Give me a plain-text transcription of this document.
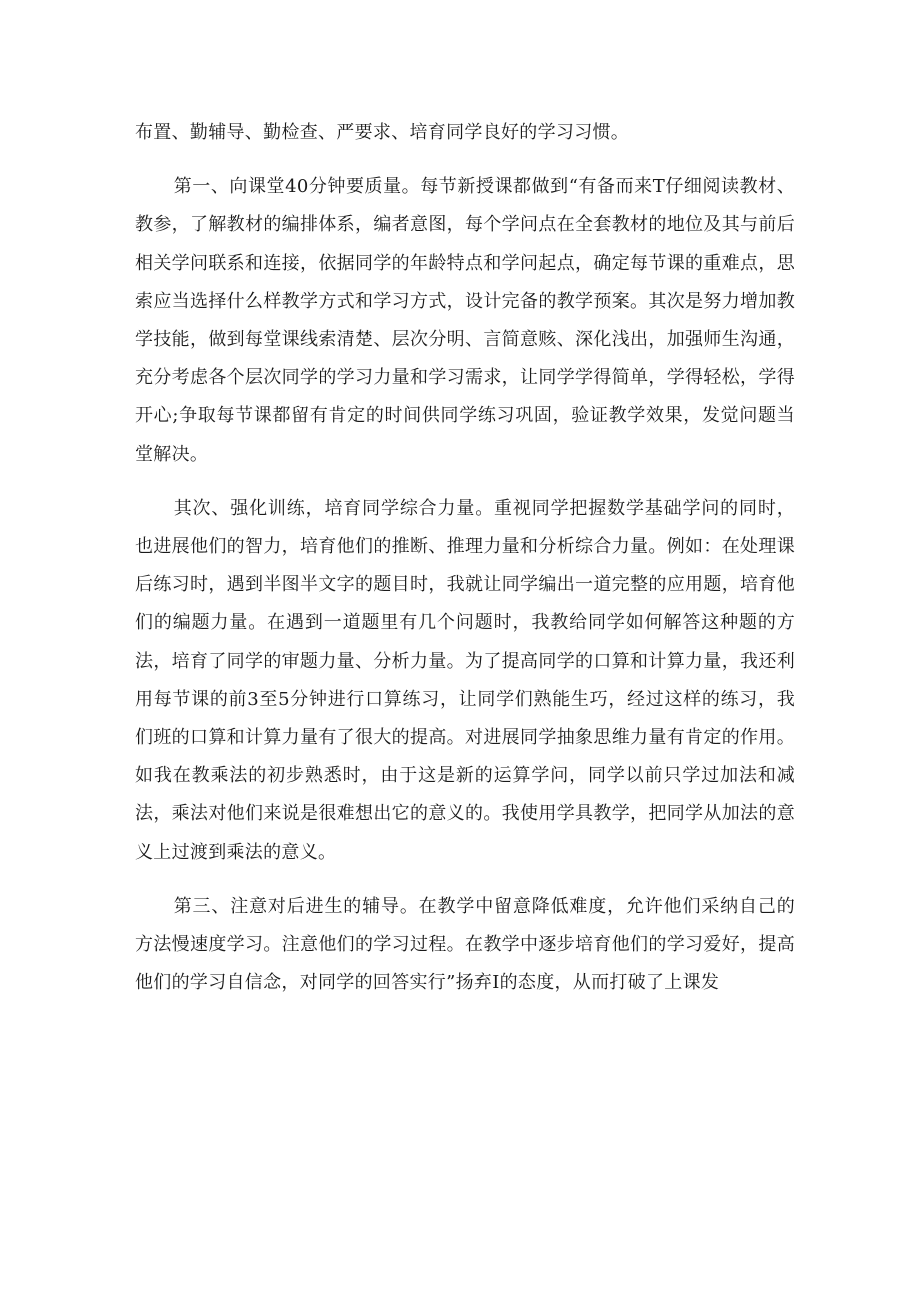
布置、勤辅导、勤检查、严要求、培育同学良好的学习习惯。

第一、向课堂40分钟要质量。每节新授课都做到“有备而来T仔细阅读教材、教参，了解教材的编排体系，编者意图，每个学问点在全套教材的地位及其与前后相关学问联系和连接，依据同学的年龄特点和学问起点，确定每节课的重难点，思索应当选择什么样教学方式和学习方式，设计完备的教学预案。其次是努力增加教学技能，做到每堂课线索清楚、层次分明、言简意赅、深化浅出，加强师生沟通，充分考虑各个层次同学的学习力量和学习需求，让同学学得简单，学得轻松，学得开心;争取每节课都留有肯定的时间供同学练习巩固，验证教学效果，发觉问题当堂解决。

其次、强化训练，培育同学综合力量。重视同学把握数学基础学问的同时，也进展他们的智力，培育他们的推断、推理力量和分析综合力量。例如：在处理课后练习时，遇到半图半文字的题目时，我就让同学编出一道完整的应用题，培育他们的编题力量。在遇到一道题里有几个问题时，我教给同学如何解答这种题的方法，培育了同学的审题力量、分析力量。为了提高同学的口算和计算力量，我还利用每节课的前3至5分钟进行口算练习，让同学们熟能生巧，经过这样的练习，我们班的口算和计算力量有了很大的提高。对进展同学抽象思维力量有肯定的作用。如我在教乘法的初步熟悉时，由于这是新的运算学问，同学以前只学过加法和减法，乘法对他们来说是很难想出它的意义的。我使用学具教学，把同学从加法的意义上过渡到乘法的意义。

第三、注意对后进生的辅导。在教学中留意降低难度，允许他们采纳自己的方法慢速度学习。注意他们的学习过程。在教学中逐步培育他们的学习爱好，提高他们的学习自信念，对同学的回答实行”扬弃I的态度，从而打破了上课发
